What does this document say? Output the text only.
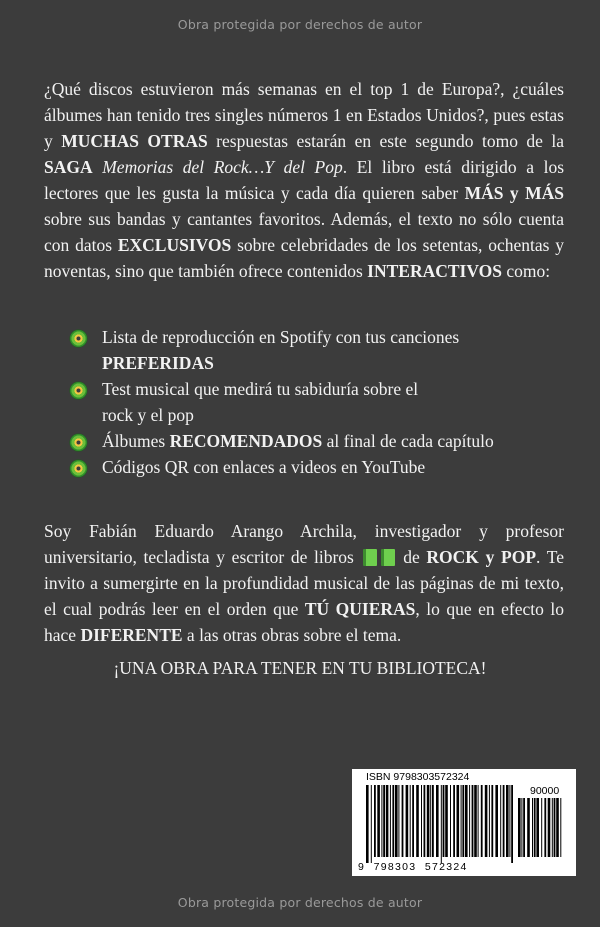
Obra protegida por derechos de autor
¿Qué discos estuvieron más semanas en el top 1 de Europa?, ¿cuáles álbumes han tenido tres singles números 1 en Estados Unidos?, pues estas y MUCHAS OTRAS respuestas estarán en este segundo tomo de la SAGA Memorias del Rock…Y del Pop. El libro está dirigido a los lectores que les gusta la música y cada día quieren saber MÁS y MÁS sobre sus bandas y cantantes favoritos. Además, el texto no sólo cuenta con datos EXCLUSIVOS sobre celebridades de los setentas, ochentas y noventas, sino que también ofrece contenidos INTERACTIVOS como:
Lista de reproducción en Spotify con tus canciones
PREFERIDAS
Test musical que medirá tu sabiduría sobre el
rock y el pop
Álbumes RECOMENDADOS al final de cada capítulo
Códigos QR con enlaces a videos en YouTube
Soy Fabián Eduardo Arango Archila, investigador y profesor universitario, tecladista y escritor de libros  de ROCK y POP. Te invito a sumergirte en la profundidad musical de las páginas de mi texto, el cual podrás leer en el orden que TÚ QUIERAS, lo que en efecto lo hace DIFERENTE a las otras obras sobre el tema.
¡UNA OBRA PARA TENER EN TU BIBLIOTECA!
ISBN 9798303572324
90000
9  798303  572324
Obra protegida por derechos de autor
